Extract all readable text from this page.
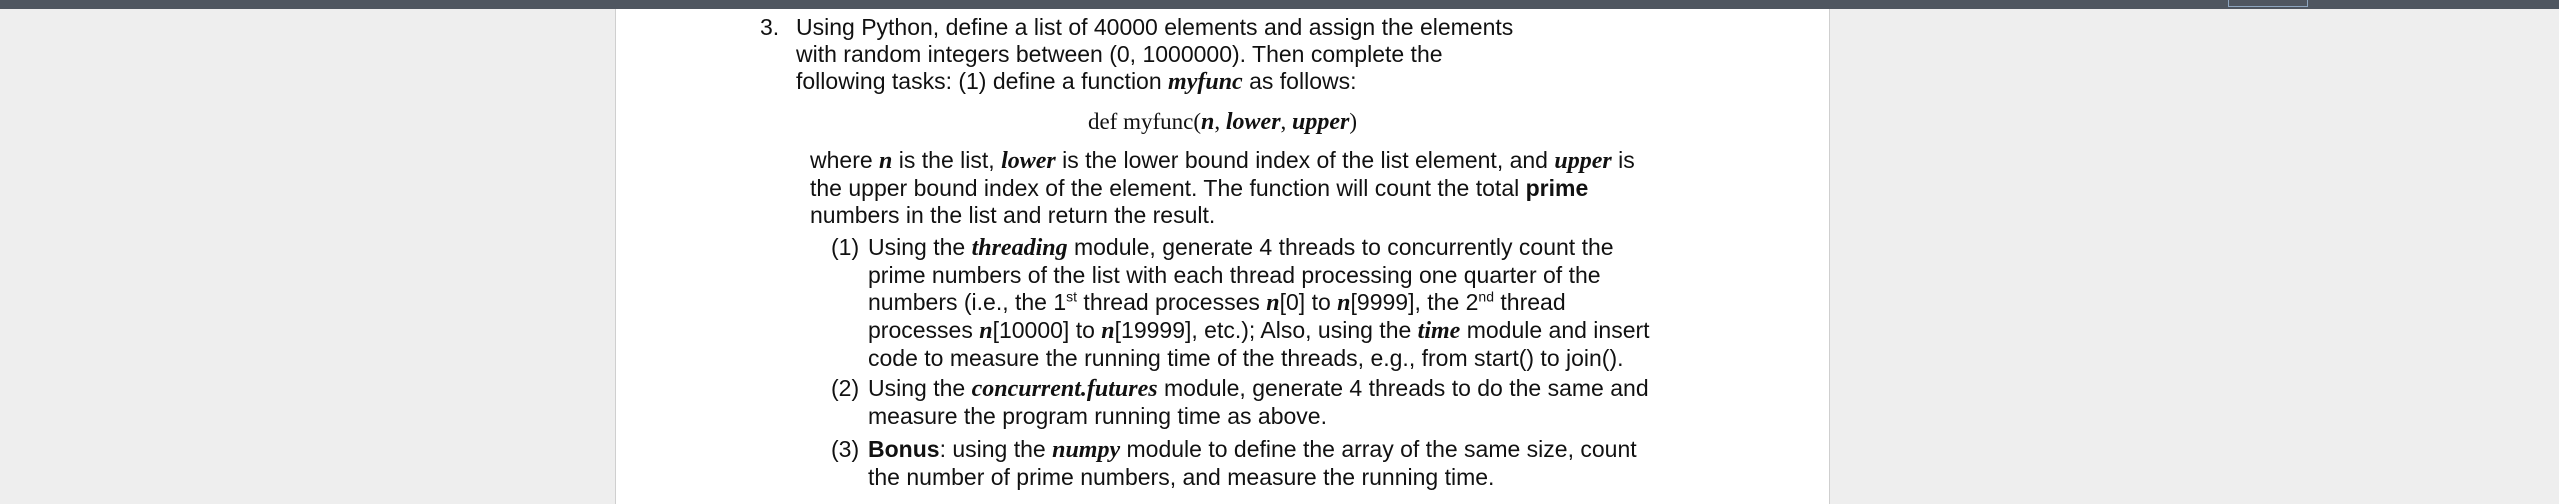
3. Using Python, define a list of 40000 elements and assign the elements with random integers between (0, 1000000). Then complete the following tasks: (1) define a function myfunc as follows:
def myfunc(n, lower, upper)
where n is the list, lower is the lower bound index of the list element, and upper is the upper bound index of the element. The function will count the total prime numbers in the list and return the result.
(1) Using the threading module, generate 4 threads to concurrently count the prime numbers of the list with each thread processing one quarter of the numbers (i.e., the 1st thread processes n[0] to n[9999], the 2nd thread processes n[10000] to n[19999], etc.); Also, using the time module and insert code to measure the running time of the threads, e.g., from start() to join().
(2) Using the concurrent.futures module, generate 4 threads to do the same and measure the program running time as above.
(3) Bonus: using the numpy module to define the array of the same size, count the number of prime numbers, and measure the running time.
